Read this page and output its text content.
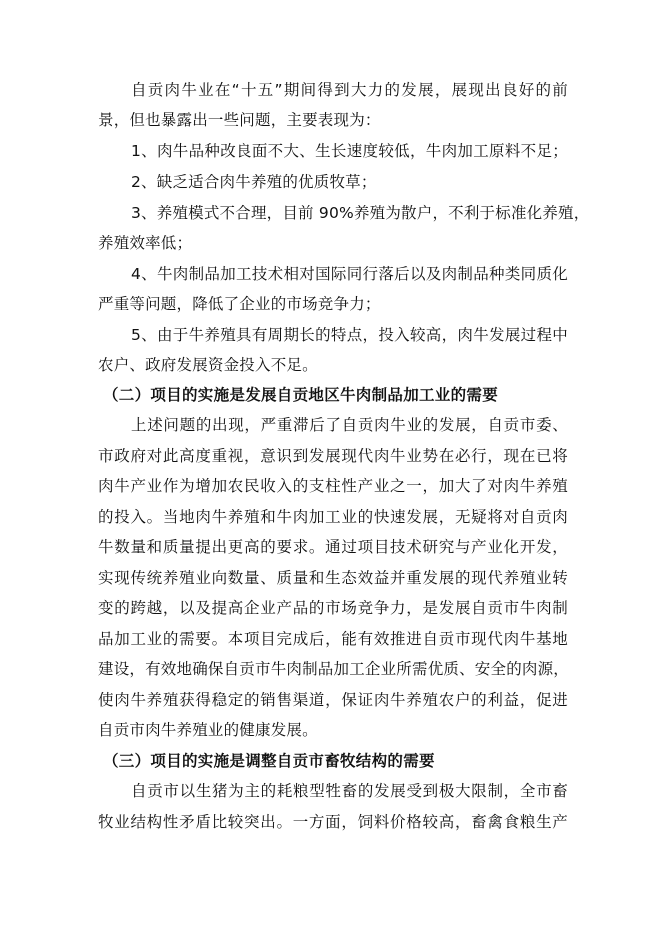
自贡肉牛业在“十五”期间得到大力的发展，展现出良好的前
景，但也暴露出一些问题，主要表现为：
1、肉牛品种改良面不大、生长速度较低，牛肉加工原料不足；
2、缺乏适合肉牛养殖的优质牧草；
3、养殖模式不合理，目前 90%养殖为散户，不利于标准化养殖，
养殖效率低；
4、牛肉制品加工技术相对国际同行落后以及肉制品种类同质化
严重等问题，降低了企业的市场竞争力；
5、由于牛养殖具有周期长的特点，投入较高，肉牛发展过程中
农户、政府发展资金投入不足。
（二）项目的实施是发展自贡地区牛肉制品加工业的需要
上述问题的出现，严重滞后了自贡肉牛业的发展，自贡市委、
市政府对此高度重视，意识到发展现代肉牛业势在必行，现在已将
肉牛产业作为增加农民收入的支柱性产业之一，加大了对肉牛养殖
的投入。当地肉牛养殖和牛肉加工业的快速发展，无疑将对自贡肉
牛数量和质量提出更高的要求。通过项目技术研究与产业化开发，
实现传统养殖业向数量、质量和生态效益并重发展的现代养殖业转
变的跨越，以及提高企业产品的市场竞争力，是发展自贡市牛肉制
品加工业的需要。本项目完成后，能有效推进自贡市现代肉牛基地
建设，有效地确保自贡市牛肉制品加工企业所需优质、安全的肉源，
使肉牛养殖获得稳定的销售渠道，保证肉牛养殖农户的利益，促进
自贡市肉牛养殖业的健康发展。
（三）项目的实施是调整自贡市畜牧结构的需要
自贡市以生猪为主的耗粮型牲畜的发展受到极大限制，全市畜
牧业结构性矛盾比较突出。一方面，饲料价格较高，畜禽食粮生产
